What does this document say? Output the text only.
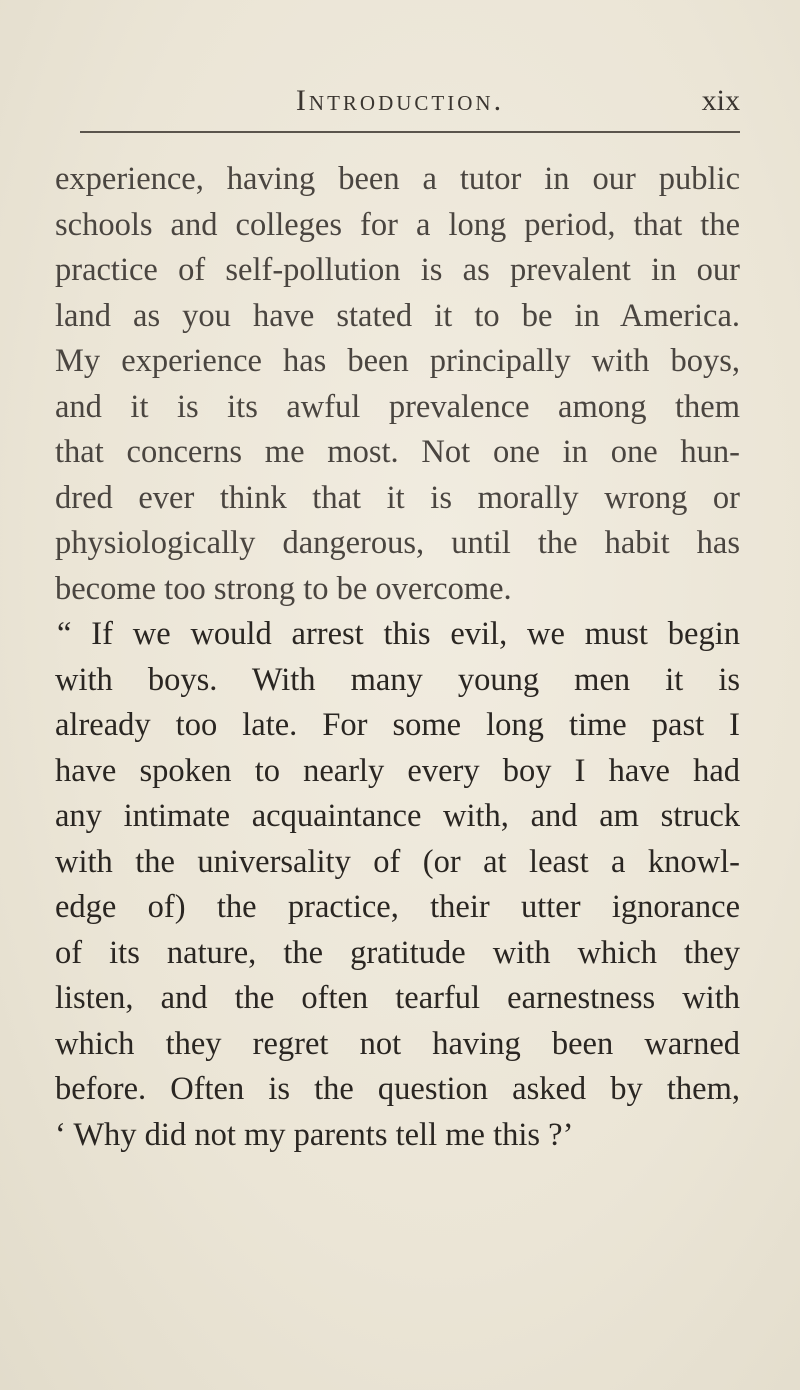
Introduction.	xix
experience, having been a tutor in our public
schools and colleges for a long period, that the
practice of self-pollution is as prevalent in our
land as you have stated it to be in America.
My experience has been principally with boys,
and it is its awful prevalence among them
that concerns me most. Not one in one hun-
dred ever think that it is morally wrong or
physiologically dangerous, until the habit has
become too strong to be overcome.
“ If we would arrest this evil, we must begin
with boys. With many young men it is
already too late. For some long time past I
have spoken to nearly every boy I have had
any intimate acquaintance with, and am struck
with the universality of (or at least a knowl-
edge of) the practice, their utter ignorance
of its nature, the gratitude with which they
listen, and the often tearful earnestness with
which they regret not having been warned
before. Often is the question asked by them,
‘ Why did not my parents tell me this ?’
